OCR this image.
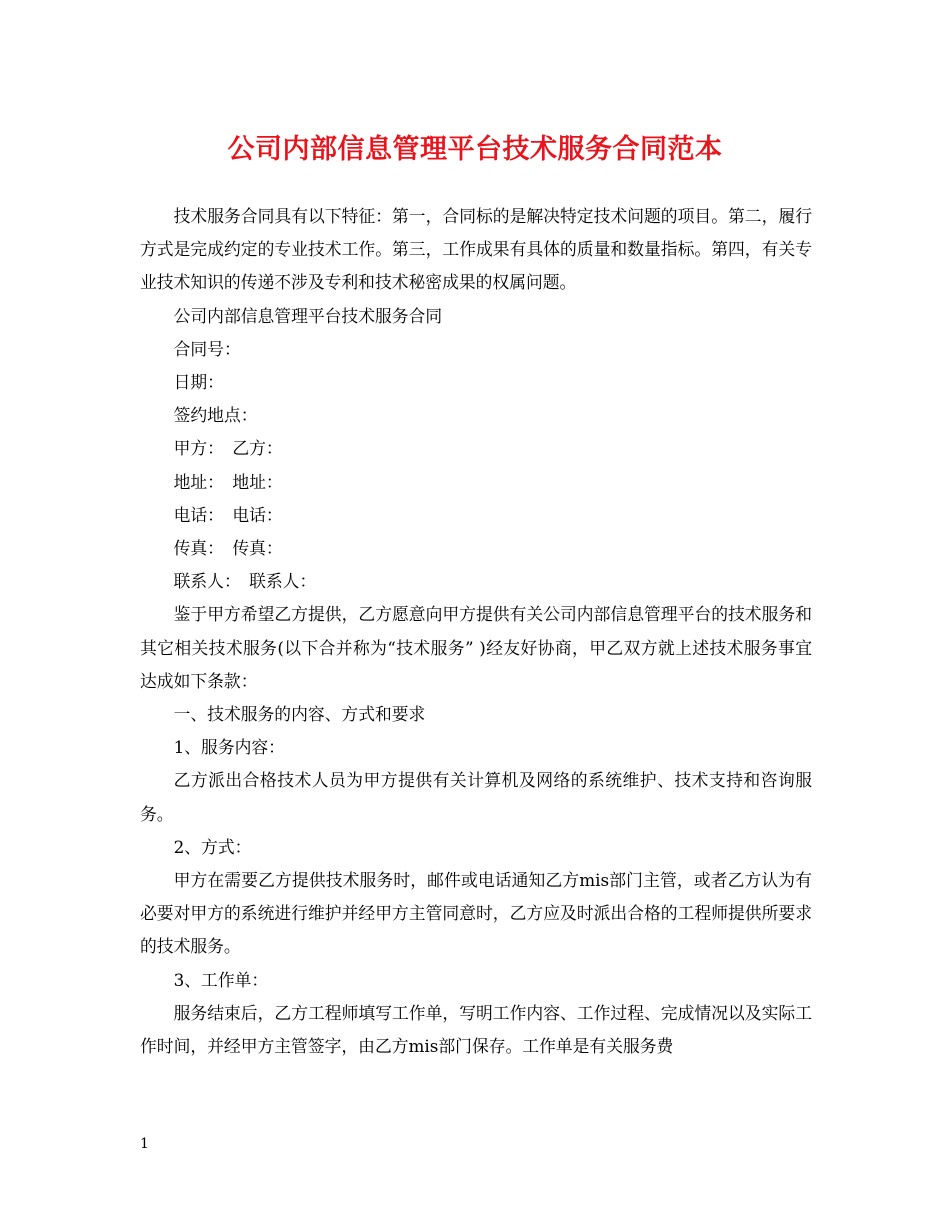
公司内部信息管理平台技术服务合同范本

技术服务合同具有以下特征：第一，合同标的是解决特定技术问题的项目。第二，履行方式是完成约定的专业技术工作。第三，工作成果有具体的质量和数量指标。第四，有关专业技术知识的传递不涉及专利和技术秘密成果的权属问题。

公司内部信息管理平台技术服务合同

合同号：

日期：

签约地点：

甲方：　乙方：

地址：　地址：

电话：　电话：

传真：　传真：

联系人：　联系人：

鉴于甲方希望乙方提供，乙方愿意向甲方提供有关公司内部信息管理平台的技术服务和其它相关技术服务(以下合并称为“技术服务” )经友好协商，甲乙双方就上述技术服务事宜达成如下条款：

一、技术服务的内容、方式和要求

1、服务内容：

乙方派出合格技术人员为甲方提供有关计算机及网络的系统维护、技术支持和咨询服务。

2、方式：

甲方在需要乙方提供技术服务时，邮件或电话通知乙方mis部门主管，或者乙方认为有必要对甲方的系统进行维护并经甲方主管同意时，乙方应及时派出合格的工程师提供所要求的技术服务。

3、工作单：

服务结束后，乙方工程师填写工作单，写明工作内容、工作过程、完成情况以及实际工作时间，并经甲方主管签字，由乙方mis部门保存。工作单是有关服务费

1
